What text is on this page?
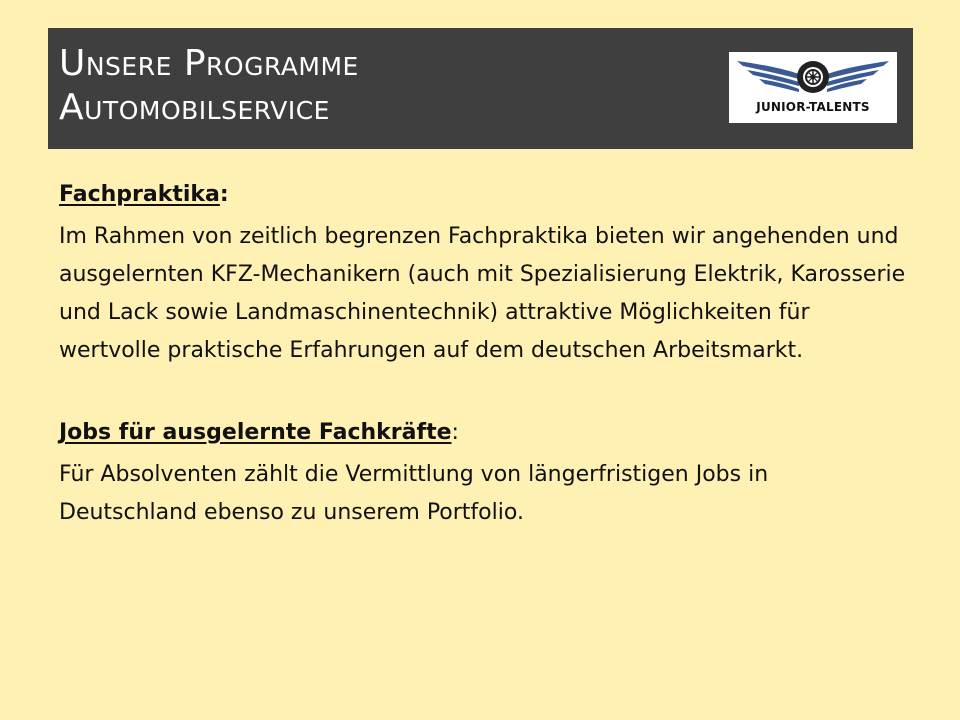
Unsere Programme
Automobilservice	JUNIOR-TALENTS

Fachpraktika:

Im Rahmen von zeitlich begrenzen Fachpraktika bieten wir angehenden und ausgelernten KFZ-Mechanikern (auch mit Spezialisierung Elektrik, Karosserie und Lack sowie Landmaschinentechnik) attraktive Möglichkeiten für wertvolle praktische Erfahrungen auf dem deutschen Arbeitsmarkt.

Jobs für ausgelernte Fachkräfte:

Für Absolventen zählt die Vermittlung von längerfristigen Jobs in Deutschland ebenso zu unserem Portfolio.
